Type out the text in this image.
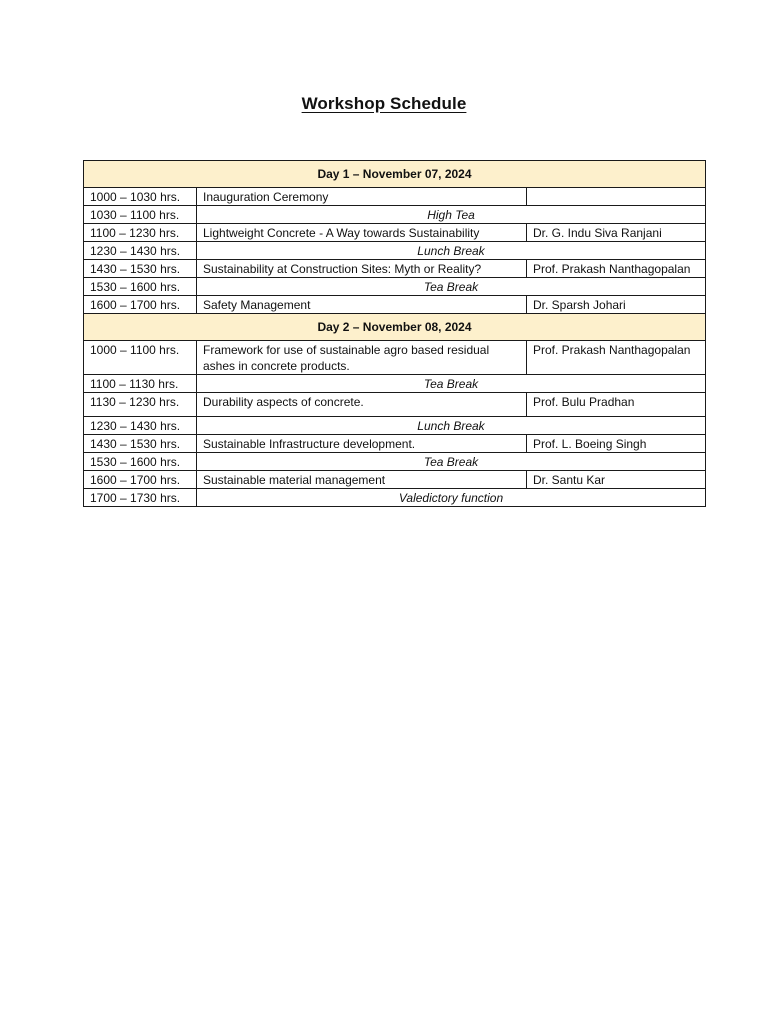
Workshop Schedule
Day 1 – November 07, 2024		
1000 – 1030 hrs.	Inauguration Ceremony	
1030 – 1100 hrs.	High Tea	
1100 – 1230 hrs.	Lightweight Concrete - A Way towards Sustainability	Dr. G. Indu Siva Ranjani
1230 – 1430 hrs.	Lunch Break	
1430 – 1530 hrs.	Sustainability at Construction Sites: Myth or Reality?	Prof. Prakash Nanthagopalan
1530 – 1600 hrs.	Tea Break	
1600 – 1700 hrs.	Safety Management	Dr. Sparsh Johari
Day 2 – November 08, 2024		
1000 – 1100 hrs.	Framework for use of sustainable agro based residual ashes in concrete products.	Prof. Prakash Nanthagopalan
1100 – 1130 hrs.	Tea Break	
1130 – 1230 hrs.	Durability aspects of concrete.	Prof. Bulu Pradhan
1230 – 1430 hrs.	Lunch Break	
1430 – 1530 hrs.	Sustainable Infrastructure development.	Prof. L. Boeing Singh
1530 – 1600 hrs.	Tea Break	
1600 – 1700 hrs.	Sustainable material management	Dr. Santu Kar
1700 – 1730 hrs.	Valedictory function	
